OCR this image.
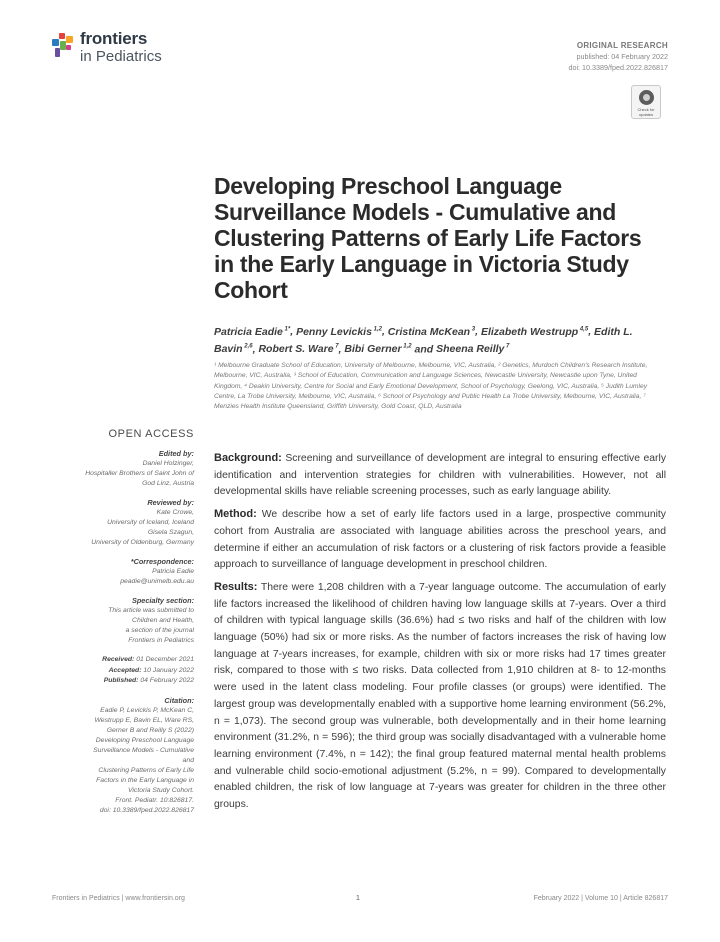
frontiers
in Pediatrics
ORIGINAL RESEARCH
published: 04 February 2022
doi: 10.3389/fped.2022.826817
Check for updates
Developing Preschool Language Surveillance Models - Cumulative and Clustering Patterns of Early Life Factors in the Early Language in Victoria Study Cohort
Patricia Eadie $^{1*}$, Penny Levickis $^{1,2}$, Cristina McKean $^3$, Elizabeth Westrupp $^{4,5}$, Edith L. Bavin $^{2,6}$, Robert S. Ware $^7$, Bibi Gerner $^{1,2}$ and Sheena Reilly $^7$
¹ Melbourne Graduate School of Education, University of Melbourne, Melbourne, VIC, Australia, ² Genetics, Murdoch Children's Research Institute, Melbourne, VIC, Australia, ³ School of Education, Communication and Language Sciences, Newcastle University, Newcastle upon Tyne, United Kingdom, ⁴ Deakin University, Centre for Social and Early Emotional Development, School of Psychology, Geelong, VIC, Australia, ⁵ Judith Lumley Centre, La Trobe University, Melbourne, VIC, Australia, ⁶ School of Psychology and Public Health La Trobe University, Melbourne, VIC, Australia, ⁷ Menzies Health Institute Queensland, Griffith University, Gold Coast, QLD, Australia
OPEN ACCESS
Edited by:
Daniel Holzinger,
Hospitaller Brothers of Saint John of
God Linz, Austria
Reviewed by:
Kate Crowe,
University of Iceland, Iceland
Gisela Szagun,
University of Oldenburg, Germany
*Correspondence:
Patricia Eadie
peadie@unimelb.edu.au
Specialty section:
This article was submitted to
Children and Health,
a section of the journal
Frontiers in Pediatrics
Received: 01 December 2021
Accepted: 10 January 2022
Published: 04 February 2022
Citation:
Eadie P, Levickis P, McKean C,
Westrupp E, Bavin EL, Ware RS,
Gerner B and Reilly S (2022)
Developing Preschool Language
Surveillance Models - Cumulative and
Clustering Patterns of Early Life
Factors in the Early Language in
Victoria Study Cohort.
Front. Pediatr. 10:826817.
doi: 10.3389/fped.2022.826817

Background: Screening and surveillance of development are integral to ensuring effective early identification and intervention strategies for children with vulnerabilities. However, not all developmental skills have reliable screening processes, such as early language ability.

Method: We describe how a set of early life factors used in a large, prospective community cohort from Australia are associated with language abilities across the preschool years, and determine if either an accumulation of risk factors or a clustering of risk factors provide a feasible approach to surveillance of language development in preschool children.

Results: There were 1,208 children with a 7-year language outcome. The accumulation of early life factors increased the likelihood of children having low language skills at 7-years. Over a third of children with typical language skills (36.6%) had ≤ two risks and half of the children with low language (50%) had six or more risks. As the number of factors increases the risk of having low language at 7-years increases, for example, children with six or more risks had 17 times greater risk, compared to those with ≤ two risks. Data collected from 1,910 children at 8- to 12-months were used in the latent class modeling. Four profile classes (or groups) were identified. The largest group was developmentally enabled with a supportive home learning environment (56.2%, n = 1,073). The second group was vulnerable, both developmentally and in their home learning environment (31.2%, n = 596); the third group was socially disadvantaged with a vulnerable home learning environment (7.4%, n = 142); the final group featured maternal mental health problems and vulnerable child socio-emotional adjustment (5.2%, n = 99). Compared to developmentally enabled children, the risk of low language at 7-years was greater for children in the three other groups.

Frontiers in Pediatrics | www.frontiersin.org	1	February 2022 | Volume 10 | Article 826817
